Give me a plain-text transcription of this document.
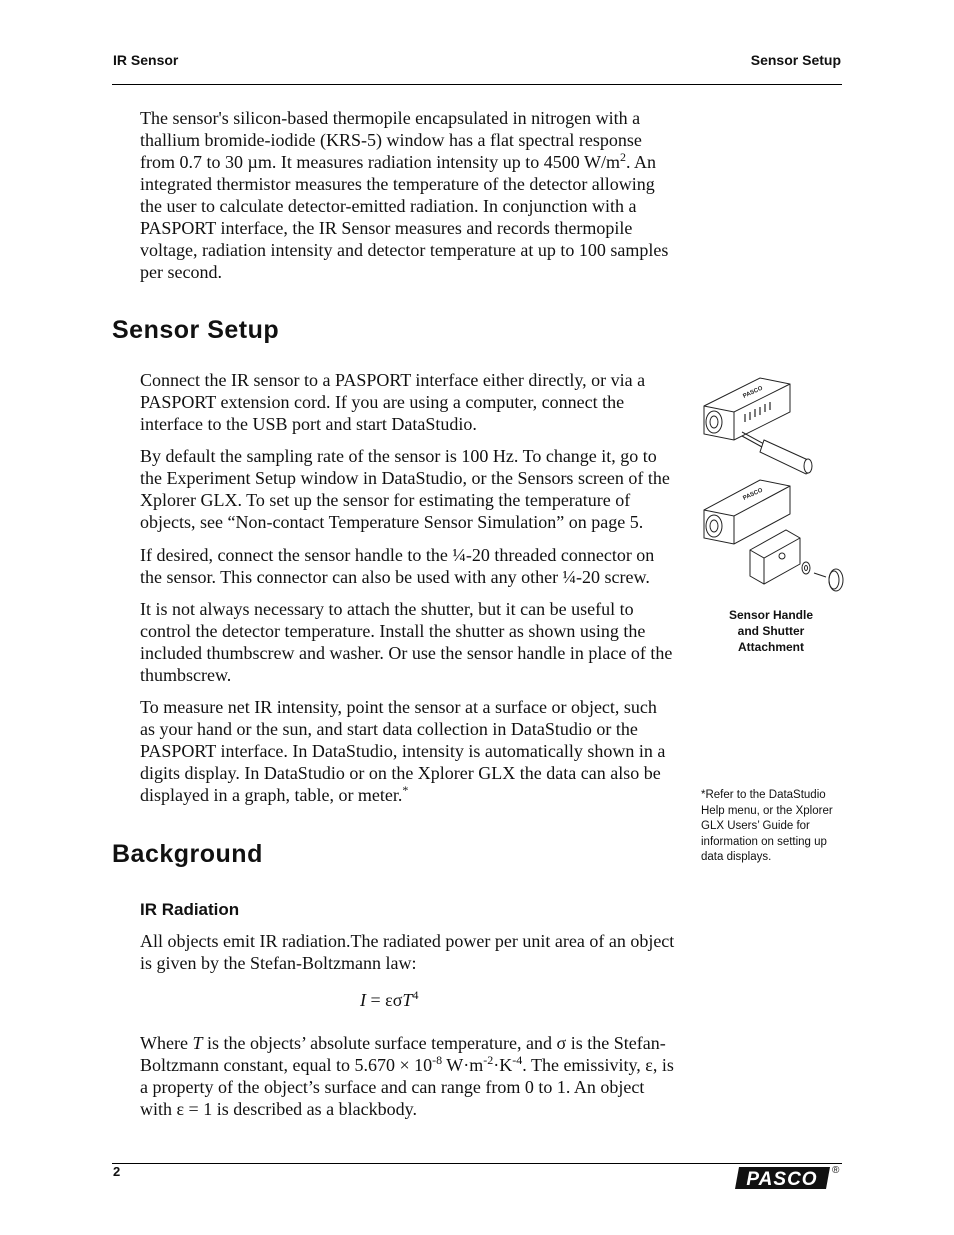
IR Sensor	Sensor Setup

The sensor's silicon-based thermopile encapsulated in nitrogen with a thallium bromide-iodide (KRS-5) window has a flat spectral response from 0.7 to 30 µm. It measures radiation intensity up to 4500 $W/m^2$. An integrated thermistor measures the temperature of the detector allowing the user to calculate detector-emitted radiation. In conjunction with a PASPORT interface, the IR Sensor measures and records thermopile voltage, radiation intensity and detector temperature at up to 100 samples per second.

Sensor Setup

Connect the IR sensor to a PASPORT interface either directly, or via a PASPORT extension cord. If you are using a computer, connect the interface to the USB port and start DataStudio.

By default the sampling rate of the sensor is 100 Hz. To change it, go to the Experiment Setup window in DataStudio, or the Sensors screen of the Xplorer GLX. To set up the sensor for estimating the temperature of objects, see “Non-contact Temperature Sensor Simulation” on page 5.

If desired, connect the sensor handle to the ¼-20 threaded connector on the sensor. This connector can also be used with any other ¼-20 screw.

It is not always necessary to attach the shutter, but it can be useful to control the detector temperature. Install the shutter as shown using the included thumbscrew and washer. Or use the sensor handle in place of the thumbscrew.

To measure net IR intensity, point the sensor at a surface or object, such as your hand or the sun, and start data collection in DataStudio or the PASPORT interface. In DataStudio, intensity is automatically shown in a digits display. In DataStudio or on the Xplorer GLX the data can also be displayed in a graph, table, or meter.*

PASCO
PASCO
Sensor Handle
and Shutter
Attachment
*Refer to the DataStudio Help menu, or the Xplorer GLX Users’ Guide for information on setting up data displays.
Background
IR Radiation

All objects emit IR radiation.The radiated power per unit area of an object is given by the Stefan-Boltzmann law:

I = εσT$^4$

Where T is the objects’ absolute surface temperature, and σ is the Stefan-Boltzmann constant, equal to $5.670 \times 10^{-8}$ $W\cdot m^{-2}\cdot K^{-4}$. The emissivity, ε, is a property of the object’s surface and can range from 0 to 1. An object with ε = 1 is described as a blackbody.

2	PASCO ®
